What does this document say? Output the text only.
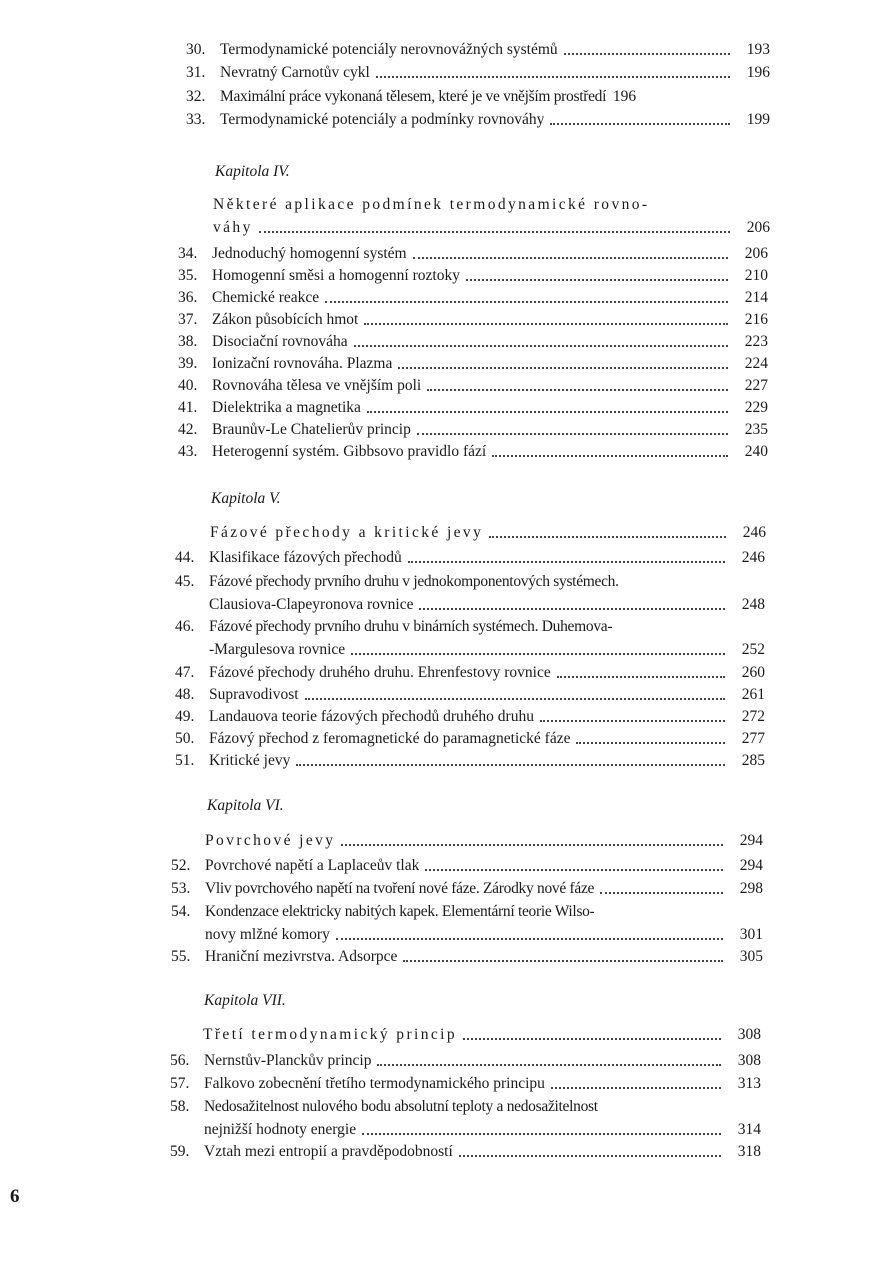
30. Termodynamické potenciály nerovnovážných systémů	193
31. Nevratný Carnotův cykl	196
32. Maximální práce vykonaná tělesem, které je ve vnějším prostředí 196
33. Termodynamické potenciály a podmínky rovnováhy	199
Kapitola IV.
Některé aplikace podmínek termodynamické rovno-
váhy	206
34. Jednoduchý homogenní systém	206
35. Homogenní směsi a homogenní roztoky	210
36. Chemické reakce	214
37. Zákon působících hmot	216
38. Disociační rovnováha	223
39. Ionizační rovnováha. Plazma	224
40. Rovnováha tělesa ve vnějším poli	227
41. Dielektrika a magnetika	229
42. Braunův-Le Chatelierův princip	235
43. Heterogenní systém. Gibbsovo pravidlo fází	240
Kapitola V.
Fázové přechody a kritické jevy	246
44. Klasifikace fázových přechodů	246
45. Fázové přechody prvního druhu v jednokomponentových systémech.
Clausiova-Clapeyronova rovnice	248
46. Fázové přechody prvního druhu v binárních systémech. Duhemova-
-Margulesova rovnice	252
47. Fázové přechody druhého druhu. Ehrenfestovy rovnice	260
48. Supravodivost	261
49. Landauova teorie fázových přechodů druhého druhu	272
50. Fázový přechod z feromagnetické do paramagnetické fáze	277
51. Kritické jevy	285
Kapitola VI.
Povrchové jevy	294
52. Povrchové napětí a Laplaceův tlak	294
53. Vliv povrchového napětí na tvoření nové fáze. Zárodky nové fáze	298
54. Kondenzace elektricky nabitých kapek. Elementární teorie Wilso-
novy mlžné komory	301
55. Hraniční mezivrstva. Adsorpce	305
Kapitola VII.
Třetí termodynamický princip	308
56. Nernstův-Planckův princip	308
57. Falkovo zobecnění třetího termodynamického principu	313
58. Nedosažitelnost nulového bodu absolutní teploty a nedosažitelnost
nejnižší hodnoty energie	314
59. Vztah mezi entropií a pravděpodobností	318
6
